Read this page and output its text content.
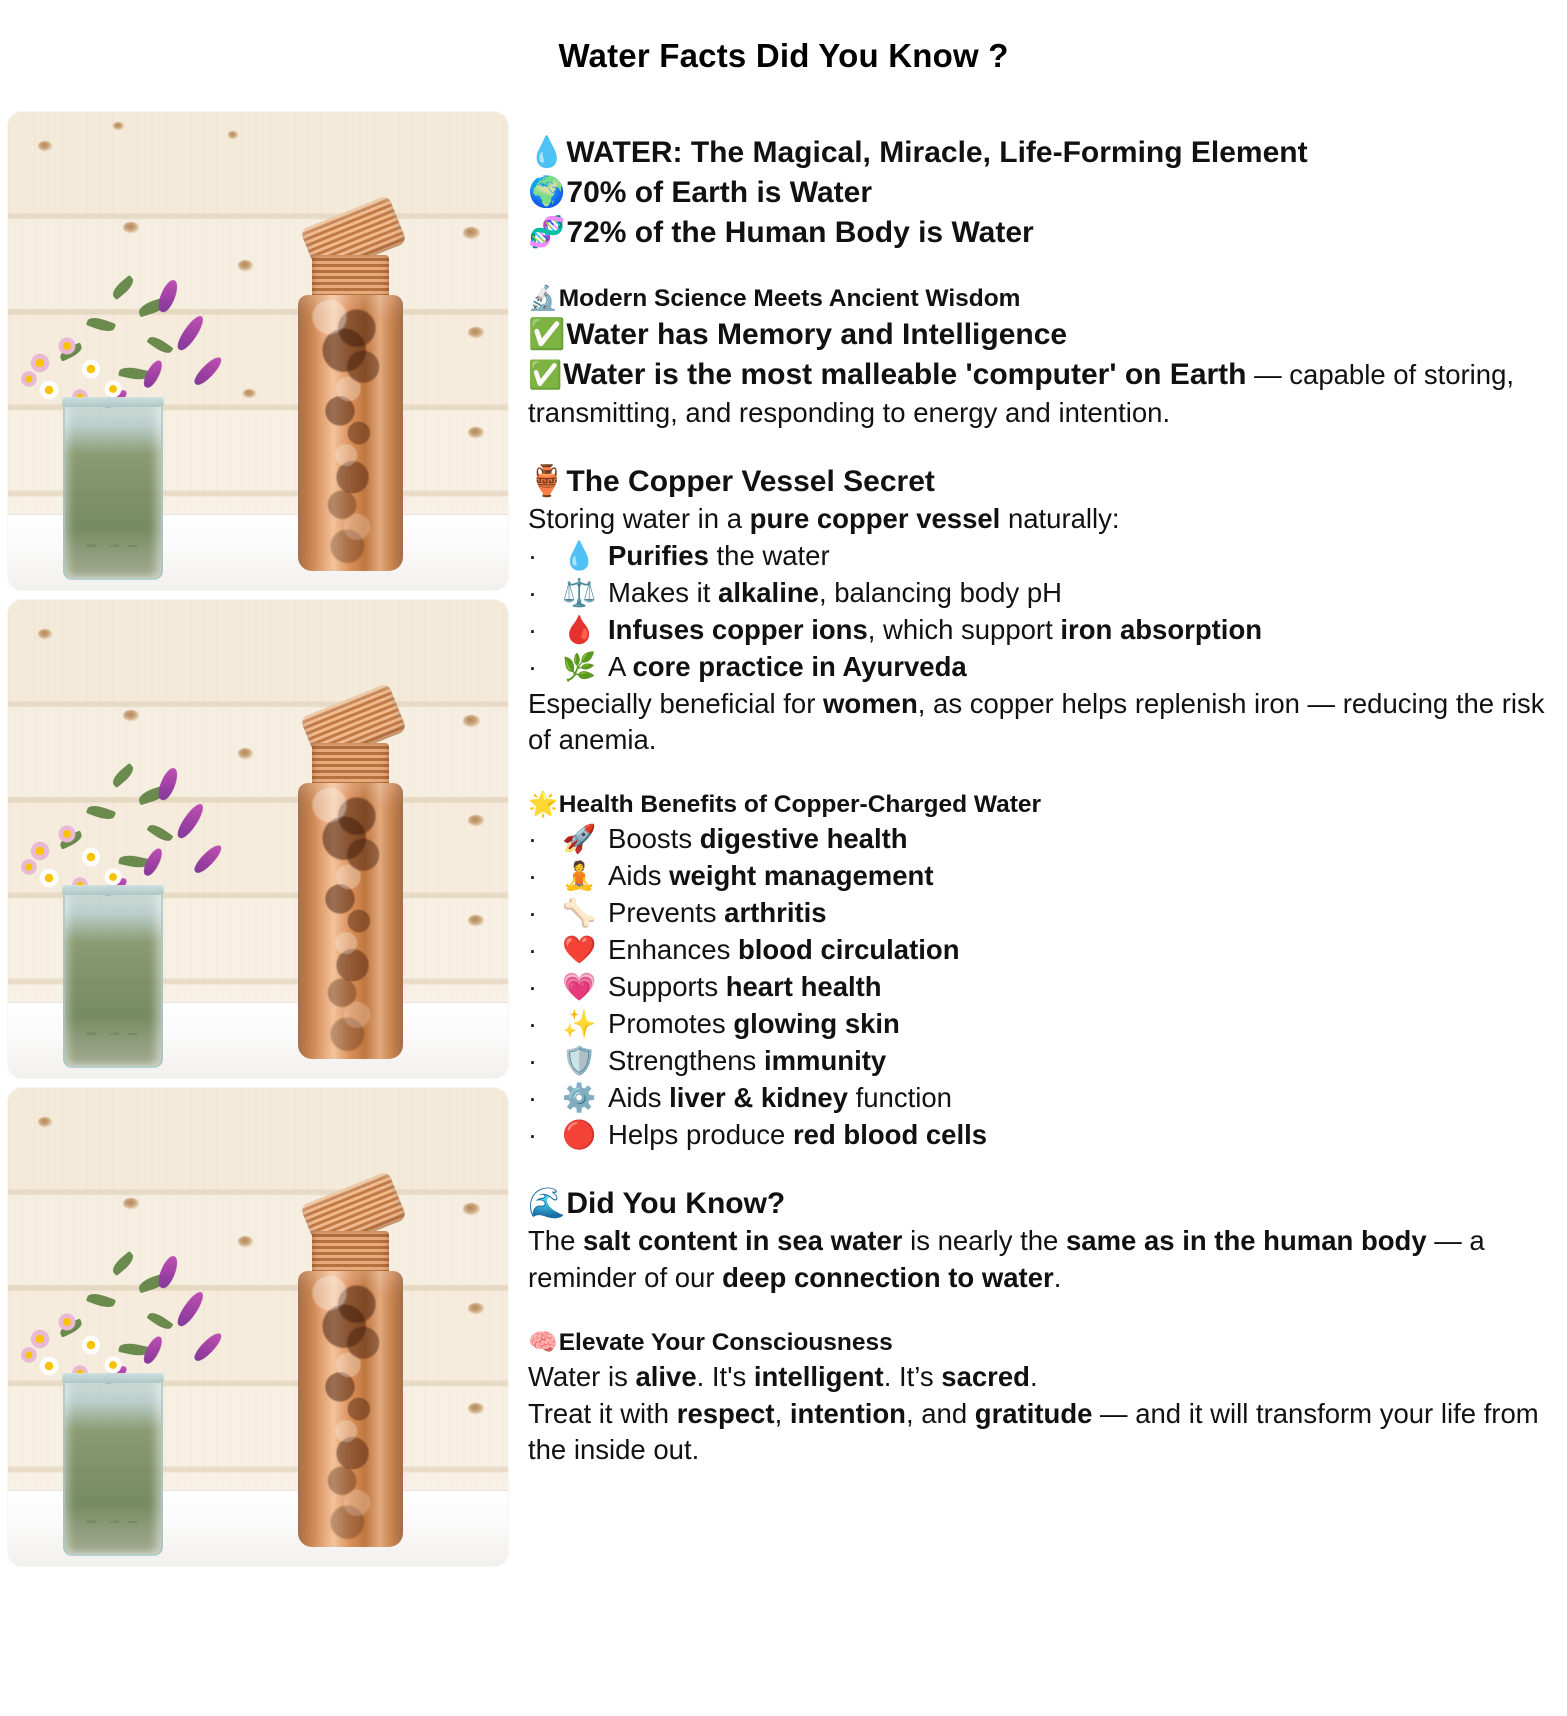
Water Facts Did You Know ?
💧WATER: The Magical, Miracle, Life-Forming Element
🌍70% of Earth is Water
🧬72% of the Human Body is Water
🔬Modern Science Meets Ancient Wisdom
✅Water has Memory and Intelligence
✅Water is the most malleable 'computer' on Earth — capable of storing, transmitting, and responding to energy and intention.
🏺The Copper Vessel Secret
Storing water in a pure copper vessel naturally:
· 💧 Purifies the water
· ⚖️ Makes it alkaline, balancing body pH
· 🩸 Infuses copper ions, which support iron absorption
· 🌿 A core practice in Ayurveda
Especially beneficial for women, as copper helps replenish iron — reducing the risk of anemia.
🌟Health Benefits of Copper-Charged Water
· 🚀 Boosts digestive health
· 🧘 Aids weight management
· 🦴 Prevents arthritis
· ❤️ Enhances blood circulation
· 💗 Supports heart health
· ✨ Promotes glowing skin
· 🛡️ Strengthens immunity
· ⚙️ Aids liver & kidney function
· 🔴 Helps produce red blood cells
🌊Did You Know?
The salt content in sea water is nearly the same as in the human body — a reminder of our deep connection to water.
🧠Elevate Your Consciousness
Water is alive. It's intelligent. It’s sacred.
Treat it with respect, intention, and gratitude — and it will transform your life from the inside out.
